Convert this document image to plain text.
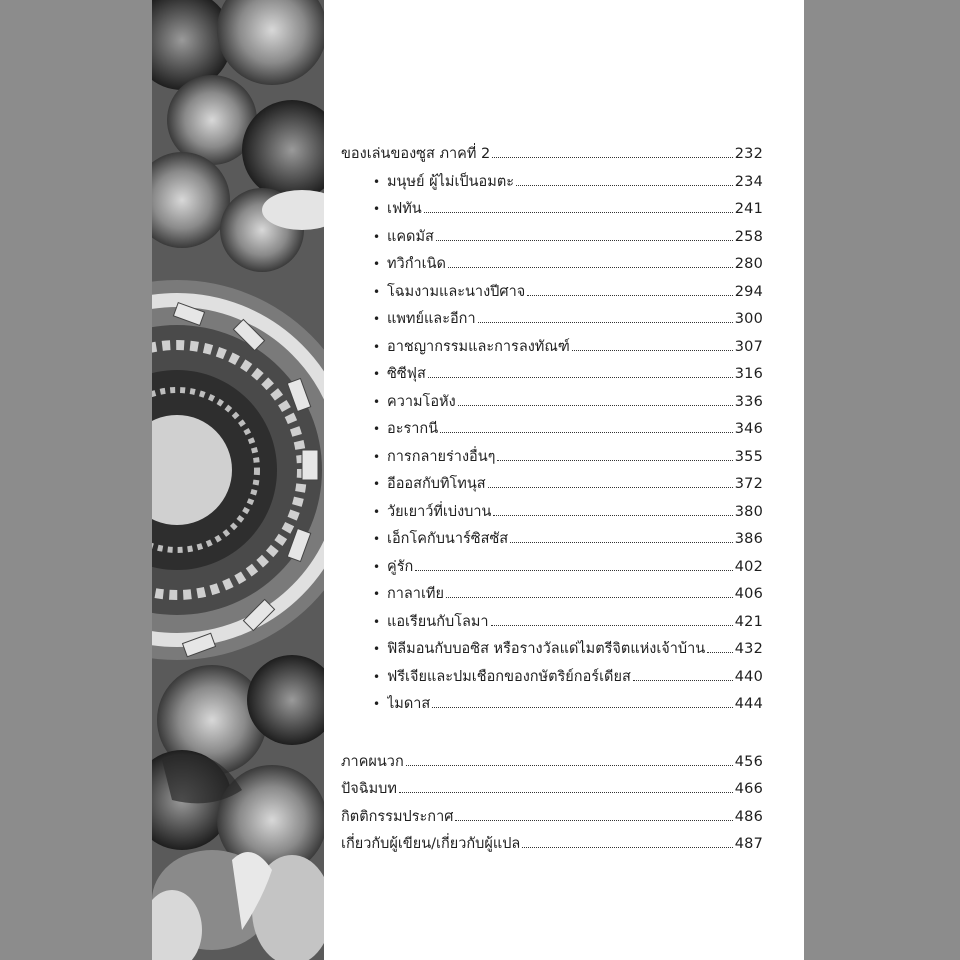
ของเล่นของซูส ภาคที่ 2	232
• มนุษย์ ผู้ไม่เป็นอมตะ	234
• เฟทัน	241
• แคดมัส	258
• ทวิกำเนิด	280
• โฉมงามและนางปีศาจ	294
• แพทย์และอีกา	300
• อาชญากรรมและการลงทัณฑ์	307
• ซิซีฟุส	316
• ความโอหัง	336
• อะรากนี	346
• การกลายร่างอื่นๆ	355
• อีออสกับทิโทนุส	372
• วัยเยาว์ที่เบ่งบาน	380
• เอ็กโคกับนาร์ซิสซัส	386
• คู่รัก	402
• กาลาเทีย	406
• แอเรียนกับโลมา	421
• ฟิลีมอนกับบอซิส หรือรางวัลแด่ไมตรีจิตแห่งเจ้าบ้าน 432
• ฟรีเจียและปมเชือกของกษัตริย์กอร์เดียส	440
• ไมดาส	444
ภาคผนวก	456
ปัจฉิมบท	466
กิตติกรรมประกาศ	486
เกี่ยวกับผู้เขียน/เกี่ยวกับผู้แปล	487
